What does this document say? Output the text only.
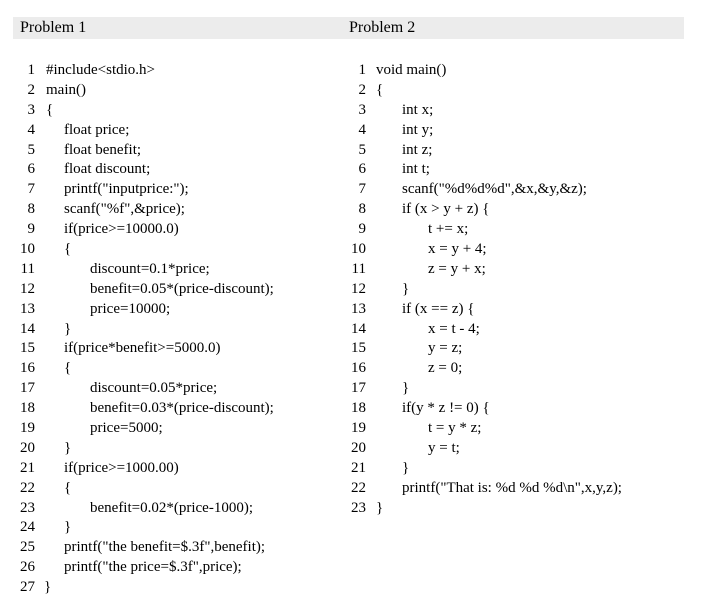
Problem 1	Problem 2
1 #include<stdio.h>
2 main()
3 {
4 float price;
5 float benefit;
6 float discount;
7 printf("inputprice:");
8 scanf("%f",&price);
9 if(price>=10000.0)
10 {
11	discount=0.1*price;
12	benefit=0.05*(price-discount);
13	price=10000;
14 }
15 if(price*benefit>=5000.0)
16 {
17	discount=0.05*price;
18	benefit=0.03*(price-discount);
19	price=5000;
20 }
21 if(price>=1000.00)
22 {
23	benefit=0.02*(price-1000);
24 }
25 printf("the benefit=$.3f",benefit);
26 printf("the price=$.3f",price);
27 }
1 void main()
2 {
3 int x;
4 int y;
5 int z;
6 int t;
7 scanf("%d%d%d",&x,&y,&z);
8 if (x > y + z) {
9	t += x;
10	x = y + 4;
11	z = y + x;
12 }
13 if (x == z) {
14	x = t - 4;
15	y = z;
16	z = 0;
17 }
18 if(y * z != 0) {
19	t = y * z;
20	y = t;
21 }
22 printf("That is: %d %d %d\n",x,y,z);
23 }
